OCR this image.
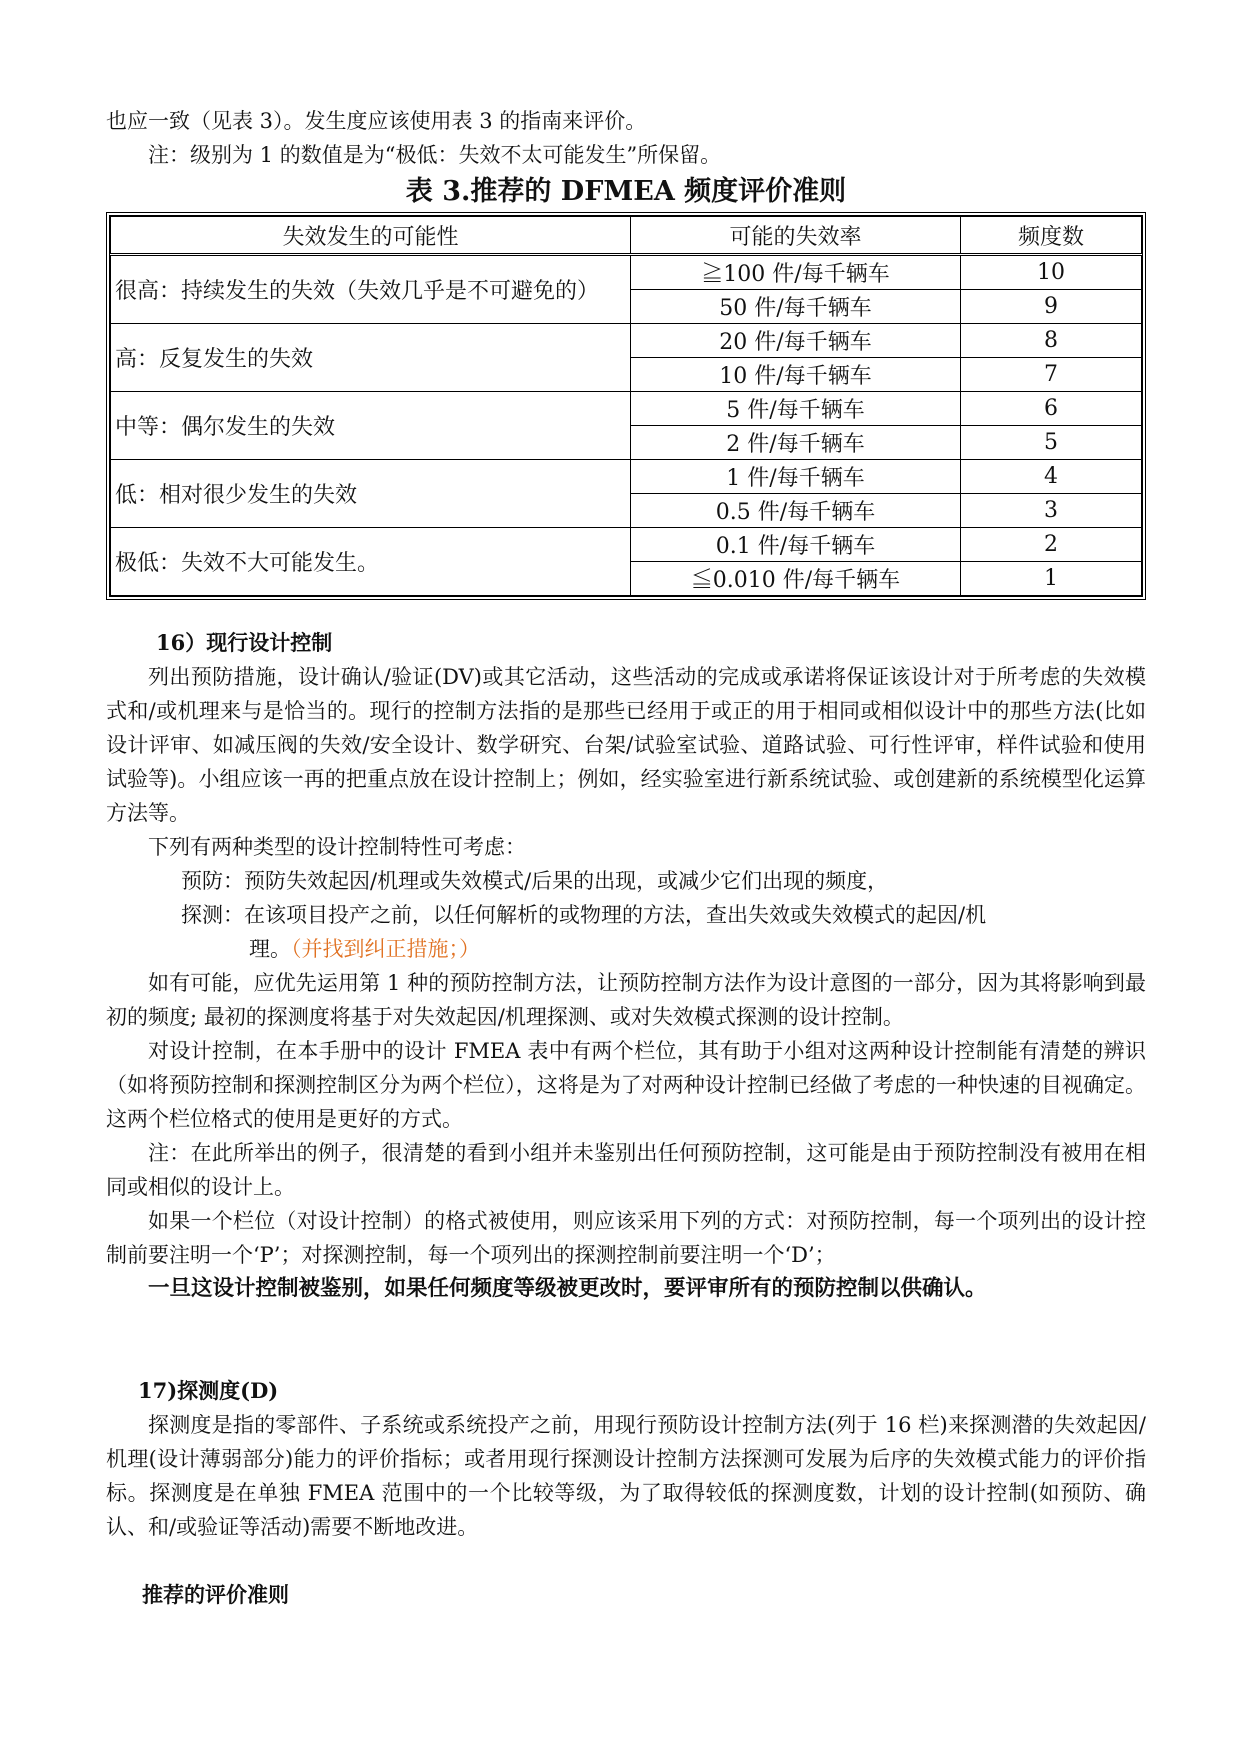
也应一致（见表 3）。发生度应该使用表 3 的指南来评价。
注：级别为 1 的数值是为“极低：失效不太可能发生”所保留。
表 3.推荐的 DFMEA 频度评价准则
失效发生的可能性	可能的失效率	频度数
很高：持续发生的失效（失效几乎是不可避免的）	≧100 件/每千辆车	10
	50 件/每千辆车	9
高：反复发生的失效	20 件/每千辆车	8
	10 件/每千辆车	7
中等：偶尔发生的失效	5 件/每千辆车	6
	2 件/每千辆车	5
低：相对很少发生的失效	1 件/每千辆车	4
	0.5 件/每千辆车	3
极低：失效不大可能发生。	0.1 件/每千辆车	2
	≦0.010 件/每千辆车	1
16）现行设计控制
列出预防措施，设计确认/验证(DV)或其它活动，这些活动的完成或承诺将保证该设计对于所考虑的失效模式和/或机理来与是恰当的。现行的控制方法指的是那些已经用于或正的用于相同或相似设计中的那些方法(比如设计评审、如减压阀的失效/安全设计、数学研究、台架/试验室试验、道路试验、可行性评审，样件试验和使用试验等)。小组应该一再的把重点放在设计控制上；例如，经实验室进行新系统试验、或创建新的系统模型化运算方法等。
下列有两种类型的设计控制特性可考虑：
预防：预防失效起因/机理或失效模式/后果的出现，或减少它们出现的频度，
探测：在该项目投产之前，以任何解析的或物理的方法，查出失效或失效模式的起因/机
理。（并找到纠正措施；）
如有可能，应优先运用第 1 种的预防控制方法，让预防控制方法作为设计意图的一部分，因为其将影响到最初的频度; 最初的探测度将基于对失效起因/机理探测、或对失效模式探测的设计控制。
对设计控制，在本手册中的设计 FMEA 表中有两个栏位，其有助于小组对这两种设计控制能有清楚的辨识（如将预防控制和探测控制区分为两个栏位），这将是为了对两种设计控制已经做了考虑的一种快速的目视确定。这两个栏位格式的使用是更好的方式。
注：在此所举出的例子，很清楚的看到小组并未鉴别出任何预防控制，这可能是由于预防控制没有被用在相同或相似的设计上。
如果一个栏位（对设计控制）的格式被使用，则应该采用下列的方式：对预防控制，每一个项列出的设计控制前要注明一个‘P’；对探测控制，每一个项列出的探测控制前要注明一个‘D’；
一旦这设计控制被鉴别，如果任何频度等级被更改时，要评审所有的预防控制以供确认。
17)探测度(D)
探测度是指的零部件、子系统或系统投产之前，用现行预防设计控制方法(列于 16 栏)来探测潜的失效起因/机理(设计薄弱部分)能力的评价指标；或者用现行探测设计控制方法探测可发展为后序的失效模式能力的评价指标。探测度是在单独 FMEA 范围中的一个比较等级，为了取得较低的探测度数，计划的设计控制(如预防、确认、和/或验证等活动)需要不断地改进。
推荐的评价准则
